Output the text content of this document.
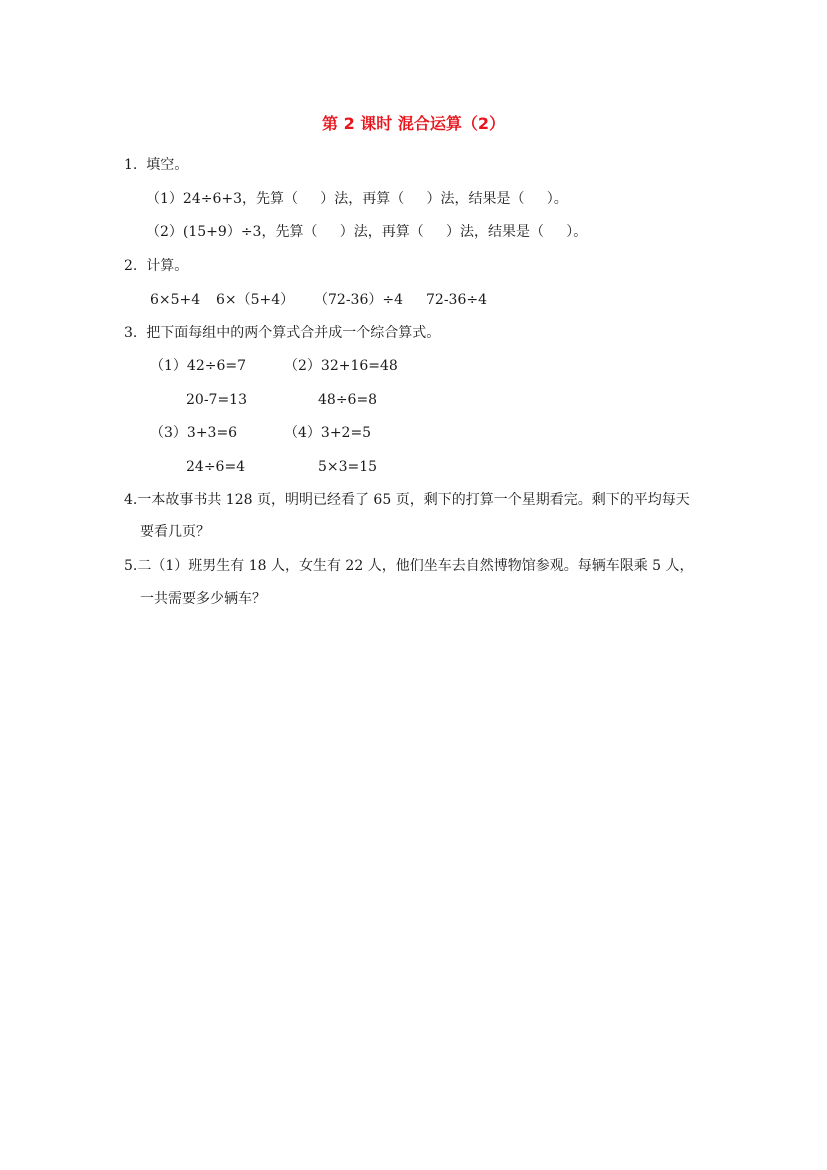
第 2 课时 混合运算（2）
1.  填空。
（1）24÷6+3，先算（     ）法，再算（     ）法，结果是（     ）。
（2）(15+9）÷3，先算（     ）法，再算（     ）法，结果是（     ）。
2.  计算。
6×5+4 6×（5+4） （72-36）÷4 72-36÷4
3.  把下面每组中的两个算式合并成一个综合算式。
（1）42÷6=7	（2）32+16=48
20-7=13	48÷6=8
（3）3+3=6	（4）3+2=5
24÷6=4	5×3=15
4.一本故事书共 128 页，明明已经看了 65 页，剩下的打算一个星期看完。剩下的平均每天
要看几页？
5.二（1）班男生有 18 人，女生有 22 人，他们坐车去自然博物馆参观。每辆车限乘 5 人，
一共需要多少辆车？
